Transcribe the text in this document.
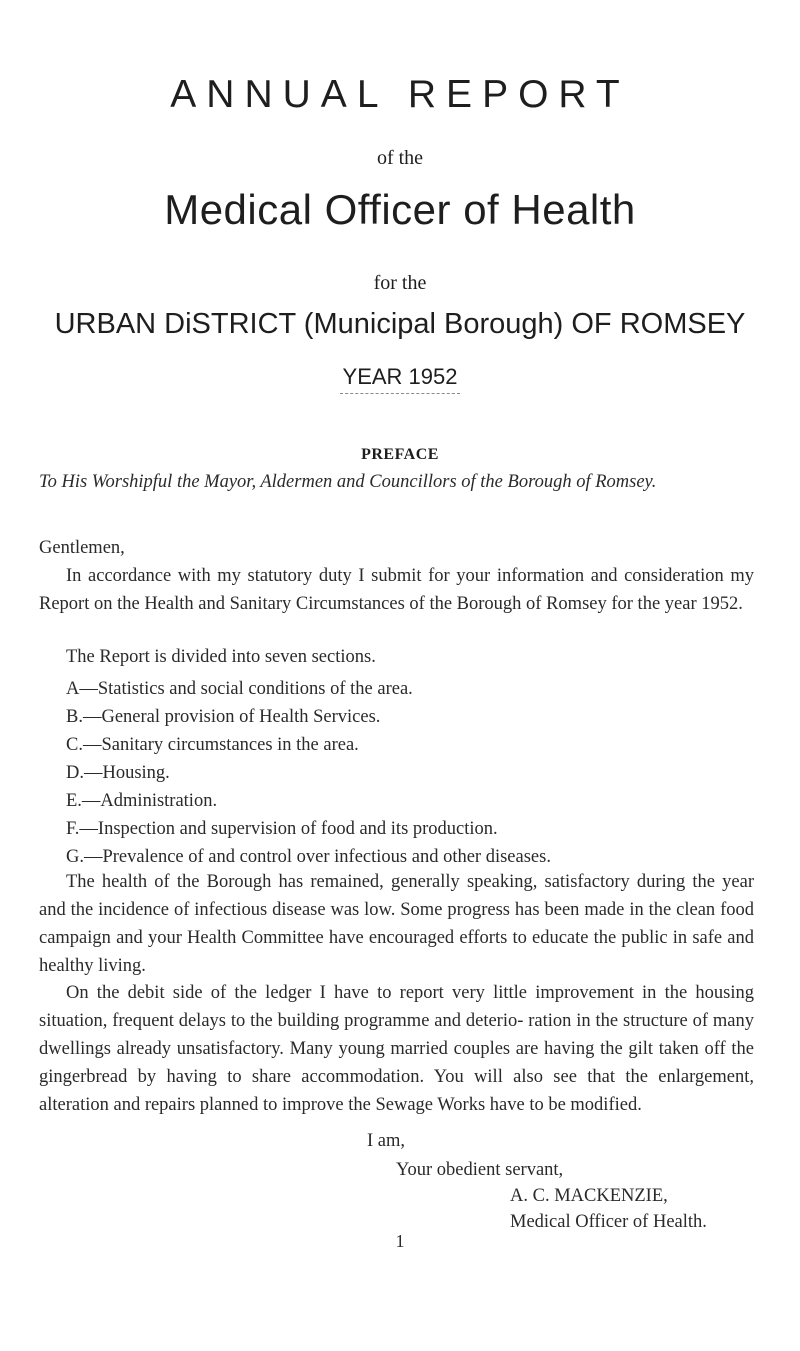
ANNUAL REPORT
of the
Medical Officer of Health
for the
URBAN DiSTRICT (Municipal Borough) OF ROMSEY
YEAR 1952
PREFACE
To His Worshipful the Mayor, Aldermen and Councillors of the Borough of Romsey.
Gentlemen,
In accordance with my statutory duty I submit for your information and consideration my Report on the Health and Sanitary Circumstances of the Borough of Romsey for the year 1952.
The Report is divided into seven sections.
A—Statistics and social conditions of the area.
B.—General provision of Health Services.
C.—Sanitary circumstances in the area.
D.—Housing.
E.—Administration.
F.—Inspection and supervision of food and its production.
G.—Prevalence of and control over infectious and other diseases.
The health of the Borough has remained, generally speaking, satisfactory during the year and the incidence of infectious disease was low. Some progress has been made in the clean food campaign and your Health Committee have encouraged efforts to educate the public in safe and healthy living.
On the debit side of the ledger I have to report very little improvement in the housing situation, frequent delays to the building programme and deterio- ration in the structure of many dwellings already unsatisfactory. Many young married couples are having the gilt taken off the gingerbread by having to share accommodation. You will also see that the enlargement, alteration and repairs planned to improve the Sewage Works have to be modified.
I am,
Your obedient servant,
A. C. MACKENZIE,
Medical Officer of Health.
1
